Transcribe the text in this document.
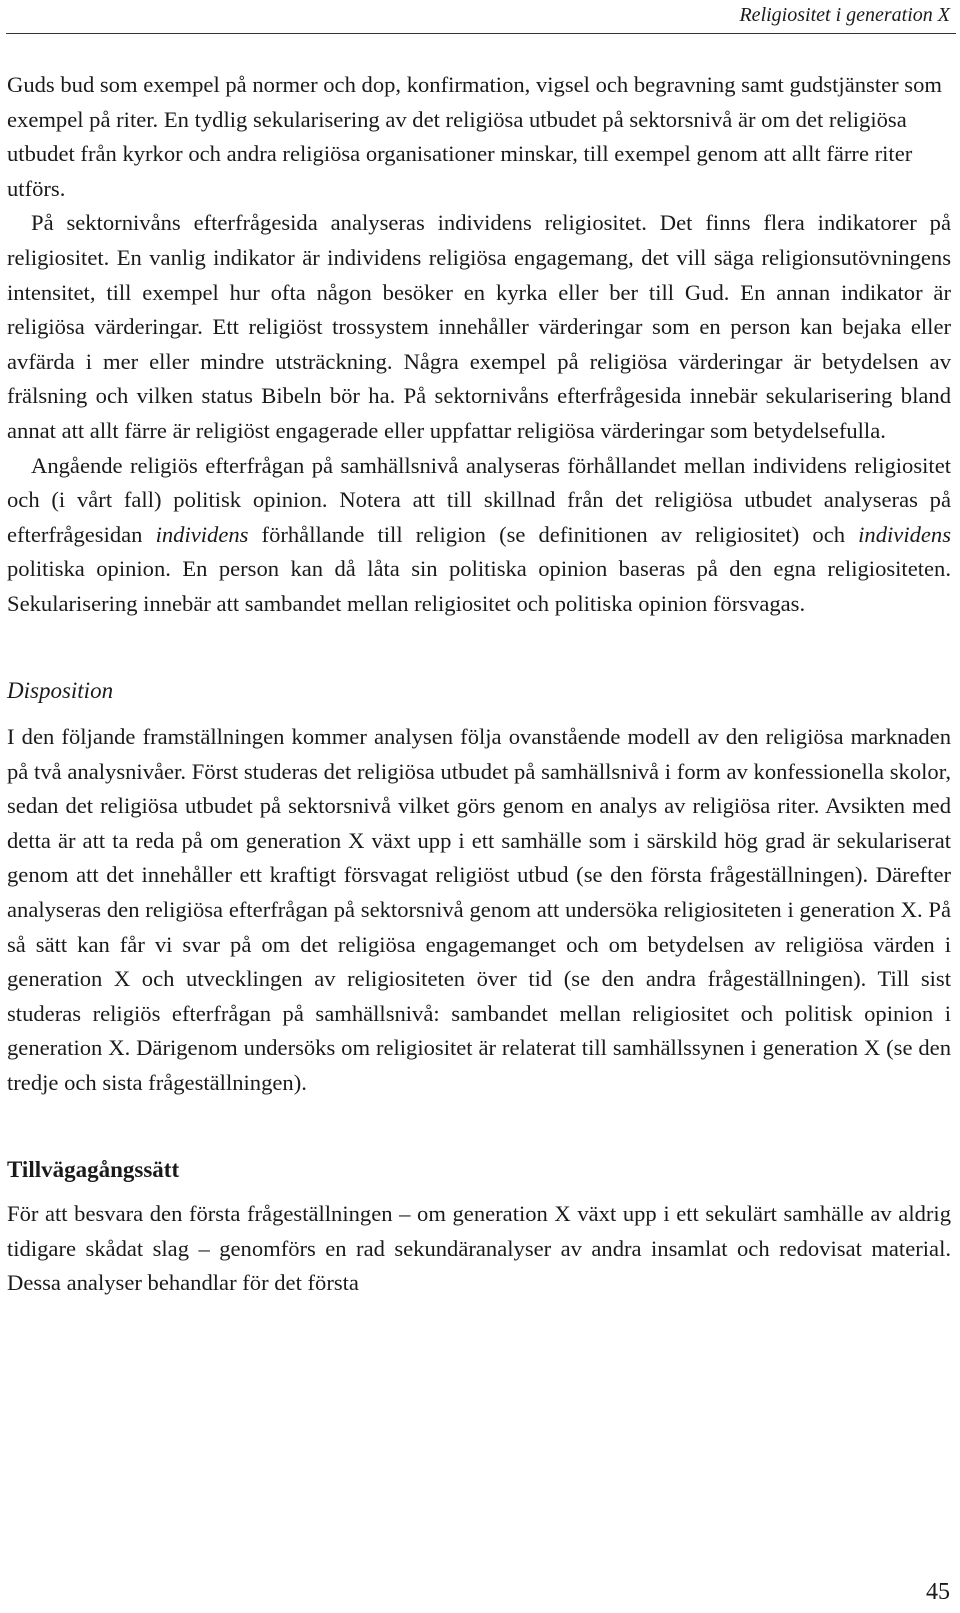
Religiositet i generation X

Guds bud som exempel på normer och dop, konfirmation, vigsel och begravning samt gudstjänster som exempel på riter. En tydlig sekularisering av det religiösa utbudet på sektorsnivå är om det religiösa utbudet från kyrkor och andra religiösa organisationer minskar, till exempel genom att allt färre riter utförs.

På sektornivåns efterfrågesida analyseras individens religiositet. Det finns flera indikatorer på religiositet. En vanlig indikator är individens religiösa engagemang, det vill säga religionsutövningens intensitet, till exempel hur ofta någon besöker en kyrka eller ber till Gud. En annan indikator är religiösa värderingar. Ett religiöst trossystem innehåller värderingar som en person kan bejaka eller avfärda i mer eller mindre utsträckning. Några exempel på religiösa värderingar är betydelsen av frälsning och vilken status Bibeln bör ha. På sektornivåns efterfrågesida innebär sekularisering bland annat att allt färre är religiöst engagerade eller uppfattar religiösa värderingar som betydelsefulla.

Angående religiös efterfrågan på samhällsnivå analyseras förhållandet mellan individens religiositet och (i vårt fall) politisk opinion. Notera att till skillnad från det religiösa utbudet analyseras på efterfrågesidan individens förhållande till religion (se definitionen av religiositet) och individens politiska opinion. En person kan då låta sin politiska opinion baseras på den egna religiositeten. Sekularisering innebär att sambandet mellan religiositet och politiska opinion försvagas.

Disposition

I den följande framställningen kommer analysen följa ovanstående modell av den religiösa marknaden på två analysnivåer. Först studeras det religiösa utbudet på samhällsnivå i form av konfessionella skolor, sedan det religiösa utbudet på sektorsnivå vilket görs genom en analys av religiösa riter. Avsikten med detta är att ta reda på om generation X växt upp i ett samhälle som i särskild hög grad är sekulariserat genom att det innehåller ett kraftigt försvagat religiöst utbud (se den första frågeställningen). Därefter analyseras den religiösa efterfrågan på sektorsnivå genom att undersöka religiositeten i generation X. På så sätt kan får vi svar på om det religiösa engagemanget och om betydelsen av religiösa värden i generation X och utvecklingen av religiositeten över tid (se den andra frågeställningen). Till sist studeras religiös efterfrågan på samhällsnivå: sambandet mellan religiositet och politisk opinion i generation X. Därigenom undersöks om religiositet är relaterat till samhällssynen i generation X (se den tredje och sista frågeställningen).

Tillvägagångssätt

För att besvara den första frågeställningen – om generation X växt upp i ett sekulärt samhälle av aldrig tidigare skådat slag – genomförs en rad sekundäranalyser av andra insamlat och redovisat material. Dessa analyser behandlar för det första

45
